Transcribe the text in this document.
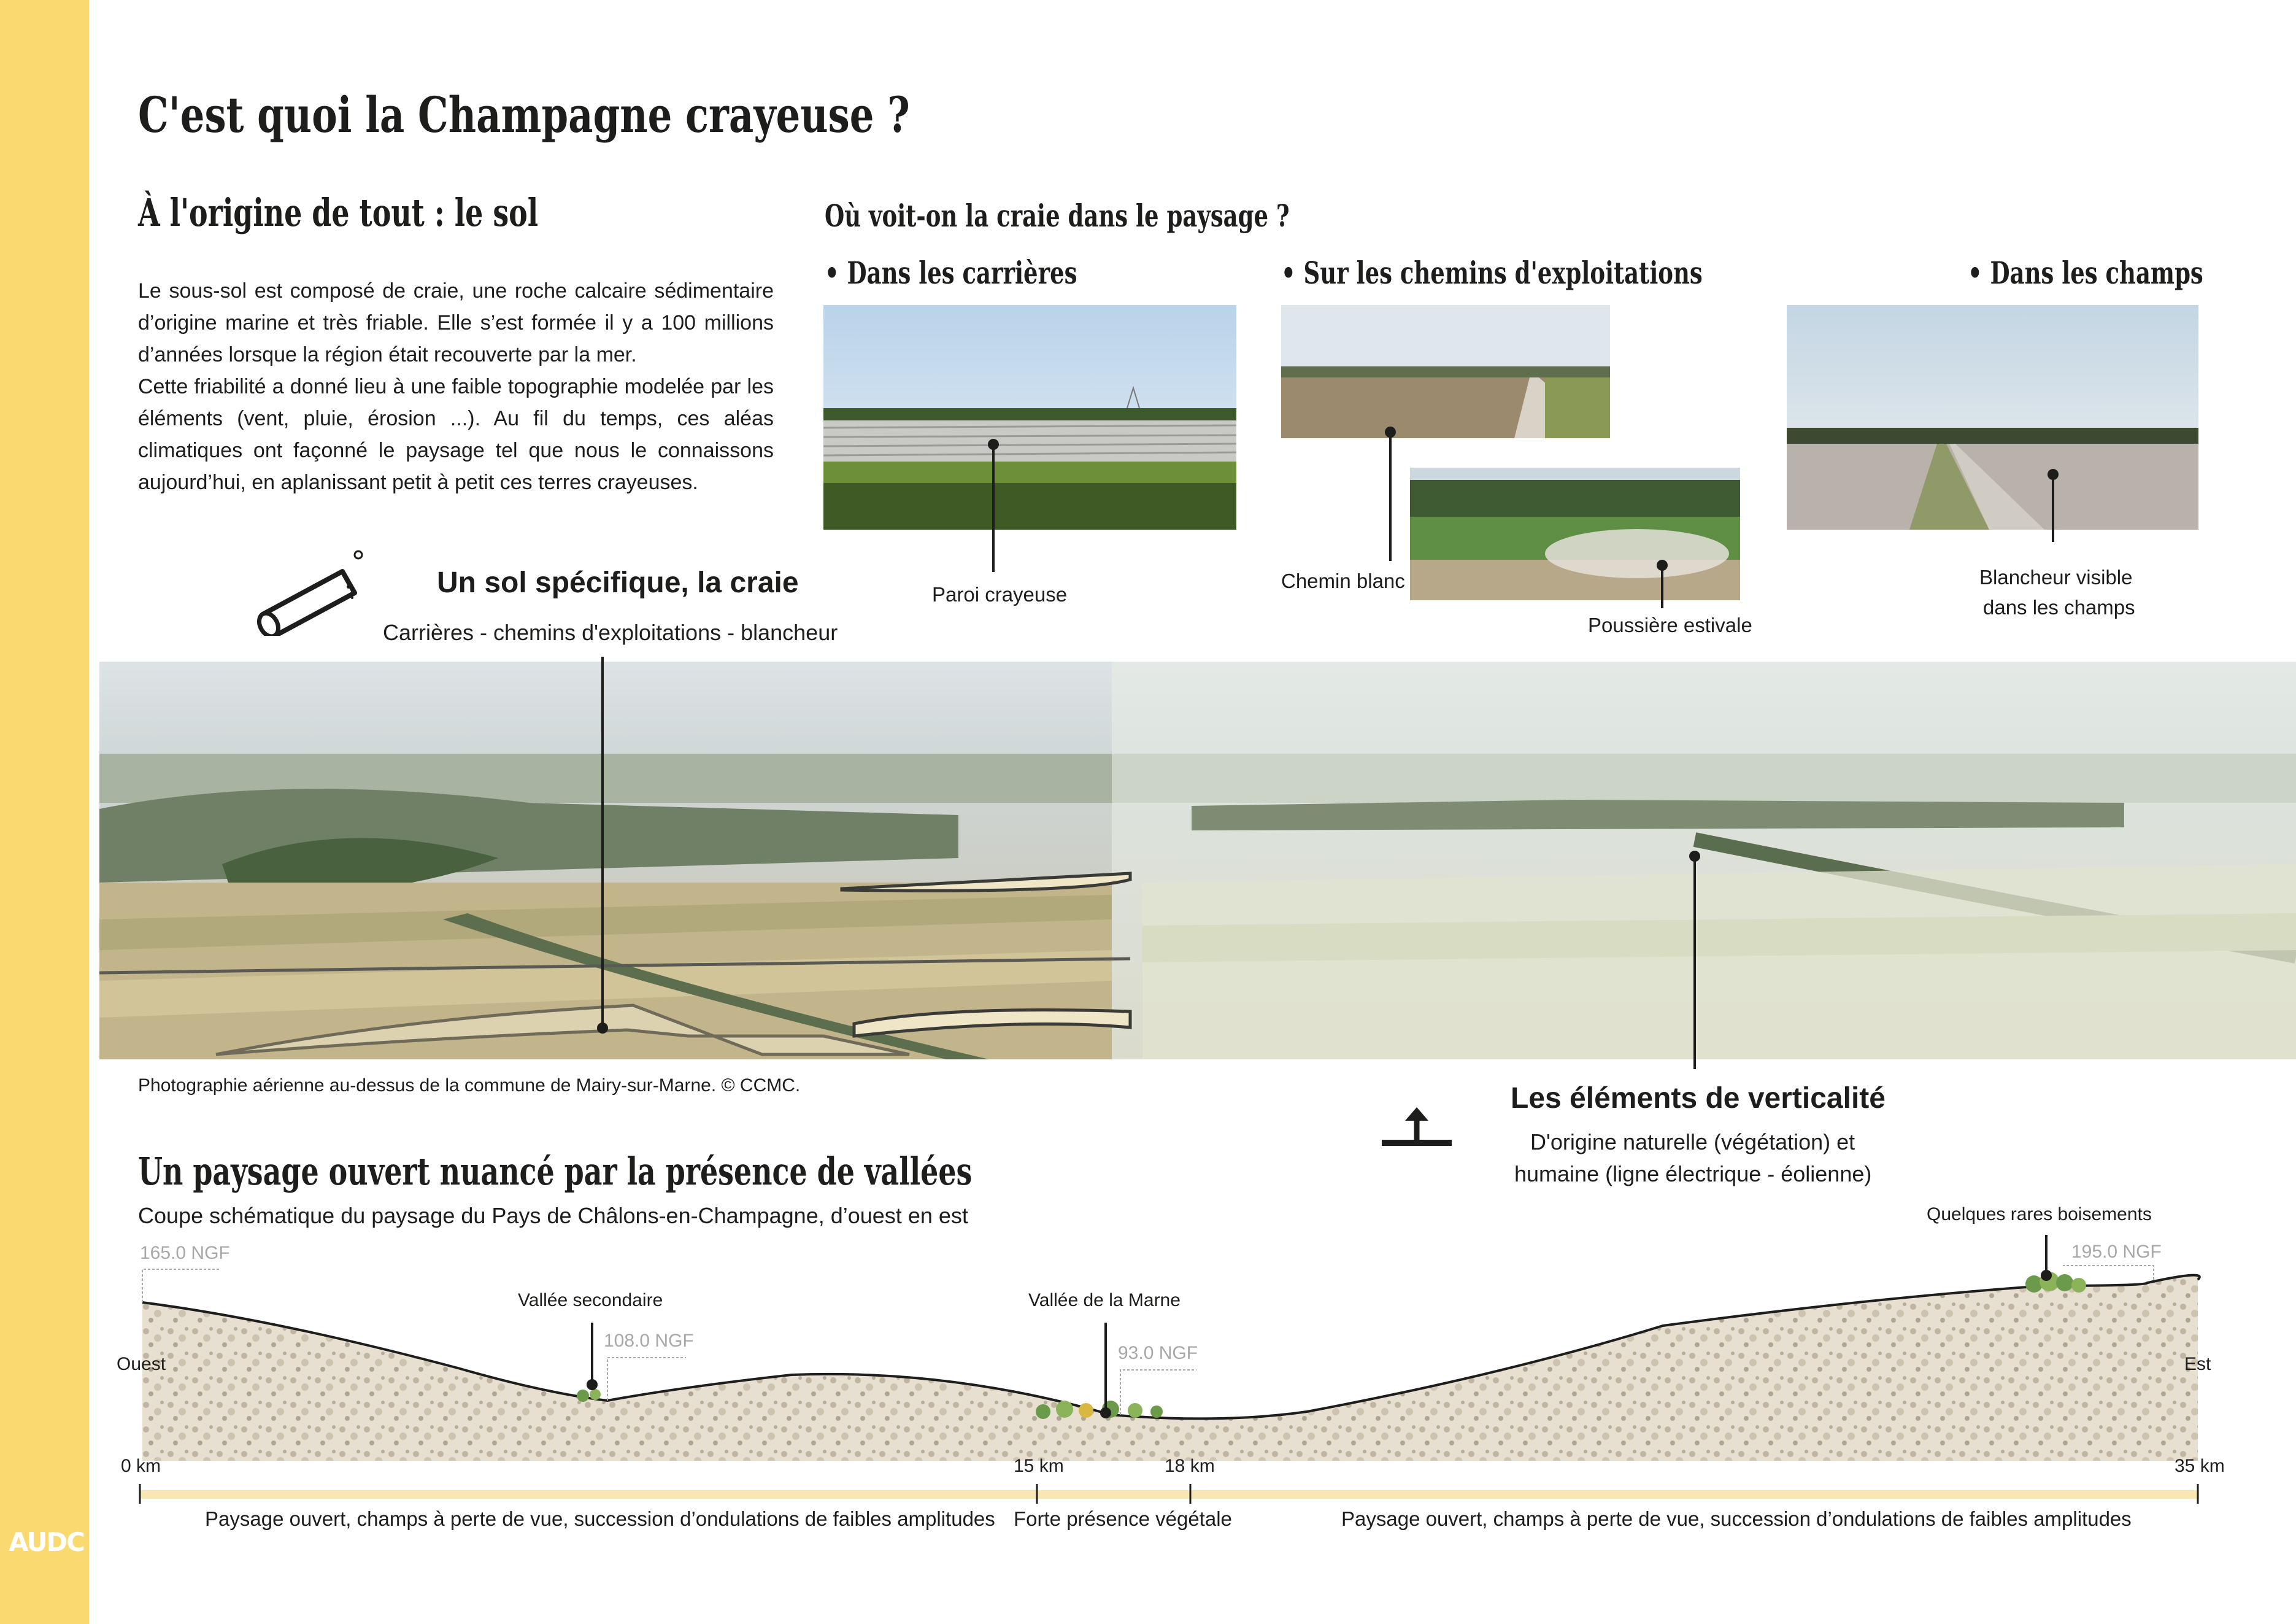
AUDC
C'est quoi la Champagne crayeuse ?
À l'origine de tout : le sol

Le sous-sol est composé de craie, une roche calcaire sédimentaire d’origine marine et très friable. Elle s’est formée il y a 100 millions d’années lorsque la région était recouverte par la mer.

Cette friabilité a donné lieu à une faible topographie modelée par les éléments (vent, pluie, érosion ...). Au fil du temps, ces aléas climatiques ont façonné le paysage tel que nous le connaissons aujourd’hui, en aplanissant petit à petit ces terres crayeuses.

Où voit-on la craie dans le paysage ?
• Dans les carrières	• Sur les chemins d'exploitations	• Dans les champs
Paroi crayeuse
Chemin blanc
Poussière estivale
Blancheur visible
dans les champs
Un sol spécifique, la craie
Carrières - chemins d'exploitations - blancheur
Photographie aérienne au-dessus de la commune de Mairy-sur-Marne. © CCMC.	Les éléments de verticalité
D'origine naturelle (végétation) et
humaine (ligne électrique - éolienne)
Un paysage ouvert nuancé par la présence de vallées
Coupe schématique du paysage du Pays de Châlons-en-Champagne, d’ouest en est
165.0 NGF
108.0 NGF
93.0 NGF
195.0 NGF
Vallée secondaire	Vallée de la Marne
Quelques rares boisements
Ouest	Est
0 km	15 km	18 km	35 km
Paysage ouvert, champs à perte de vue, succession d’ondulations de faibles amplitudes Forte présence végétale	Paysage ouvert, champs à perte de vue, succession d’ondulations de faibles amplitudes
